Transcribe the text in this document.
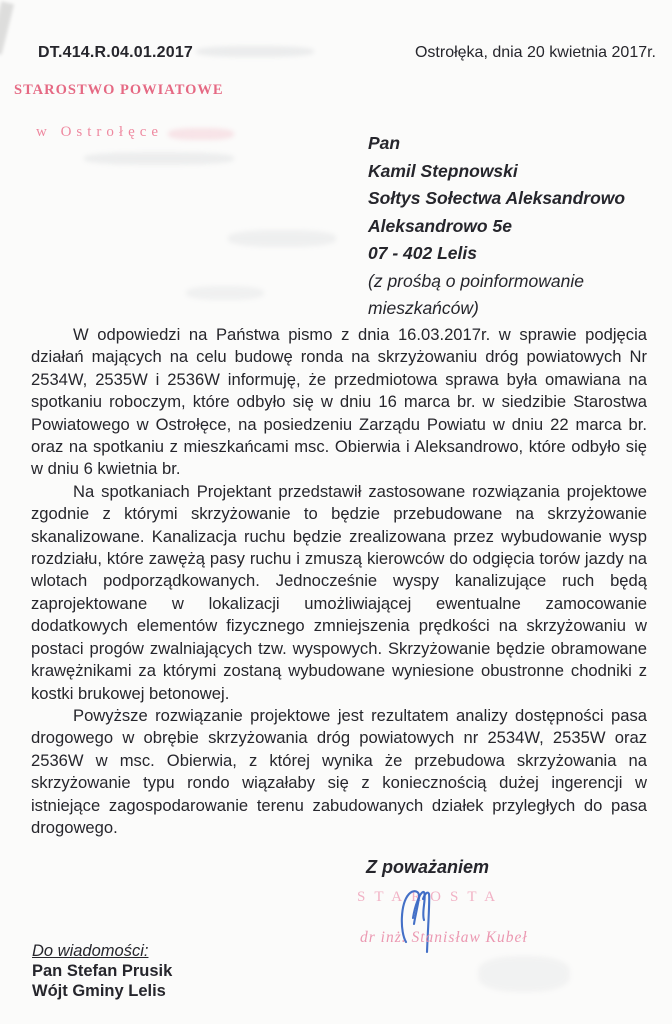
DT.414.R.04.01.2017	Ostrołęka, dnia 20 kwietnia 2017r.
STAROSTWO POWIATOWE
w Ostrołęce
Pan
Kamil Stepnowski
Sołtys Sołectwa Aleksandrowo
Aleksandrowo 5e
07 - 402 Lelis
(z prośbą o poinformowanie
mieszkańców)

W odpowiedzi na Państwa pismo z dnia 16.03.2017r. w sprawie podjęcia działań mających na celu budowę ronda na skrzyżowaniu dróg powiatowych Nr 2534W, 2535W i 2536W informuję, że przedmiotowa sprawa była omawiana na spotkaniu roboczym, które odbyło się w dniu 16 marca br. w siedzibie Starostwa Powiatowego w Ostrołęce, na posiedzeniu Zarządu Powiatu w dniu 22 marca br. oraz na spotkaniu z mieszkańcami msc. Obierwia i Aleksandrowo, które odbyło się w dniu 6 kwietnia br.

Na spotkaniach Projektant przedstawił zastosowane rozwiązania projektowe zgodnie z którymi skrzyżowanie to będzie przebudowane na skrzyżowanie skanalizowane. Kanalizacja ruchu będzie zrealizowana przez wybudowanie wysp rozdziału, które zawężą pasy ruchu i zmuszą kierowców do odgięcia torów jazdy na wlotach podporządkowanych. Jednocześnie wyspy kanalizujące ruch będą zaprojektowane w lokalizacji umożliwiającej ewentualne zamocowanie dodatkowych elementów fizycznego zmniejszenia prędkości na skrzyżowaniu w postaci progów zwalniających tzw. wyspowych. Skrzyżowanie będzie obramowane krawężnikami za którymi zostaną wybudowane wyniesione obustronne chodniki z kostki brukowej betonowej.

Powyższe rozwiązanie projektowe jest rezultatem analizy dostępności pasa drogowego w obrębie skrzyżowania dróg powiatowych nr 2534W, 2535W oraz 2536W w msc. Obierwia, z której wynika że przebudowa skrzyżowania na skrzyżowanie typu rondo wiązałaby się z koniecznością dużej ingerencji w istniejące zagospodarowanie terenu zabudowanych działek przyległych do pasa drogowego.

Z poważaniem
STAROSTA
dr inż. Stanisław Kubeł
Do wiadomości:
Pan Stefan Prusik
Wójt Gminy Lelis
